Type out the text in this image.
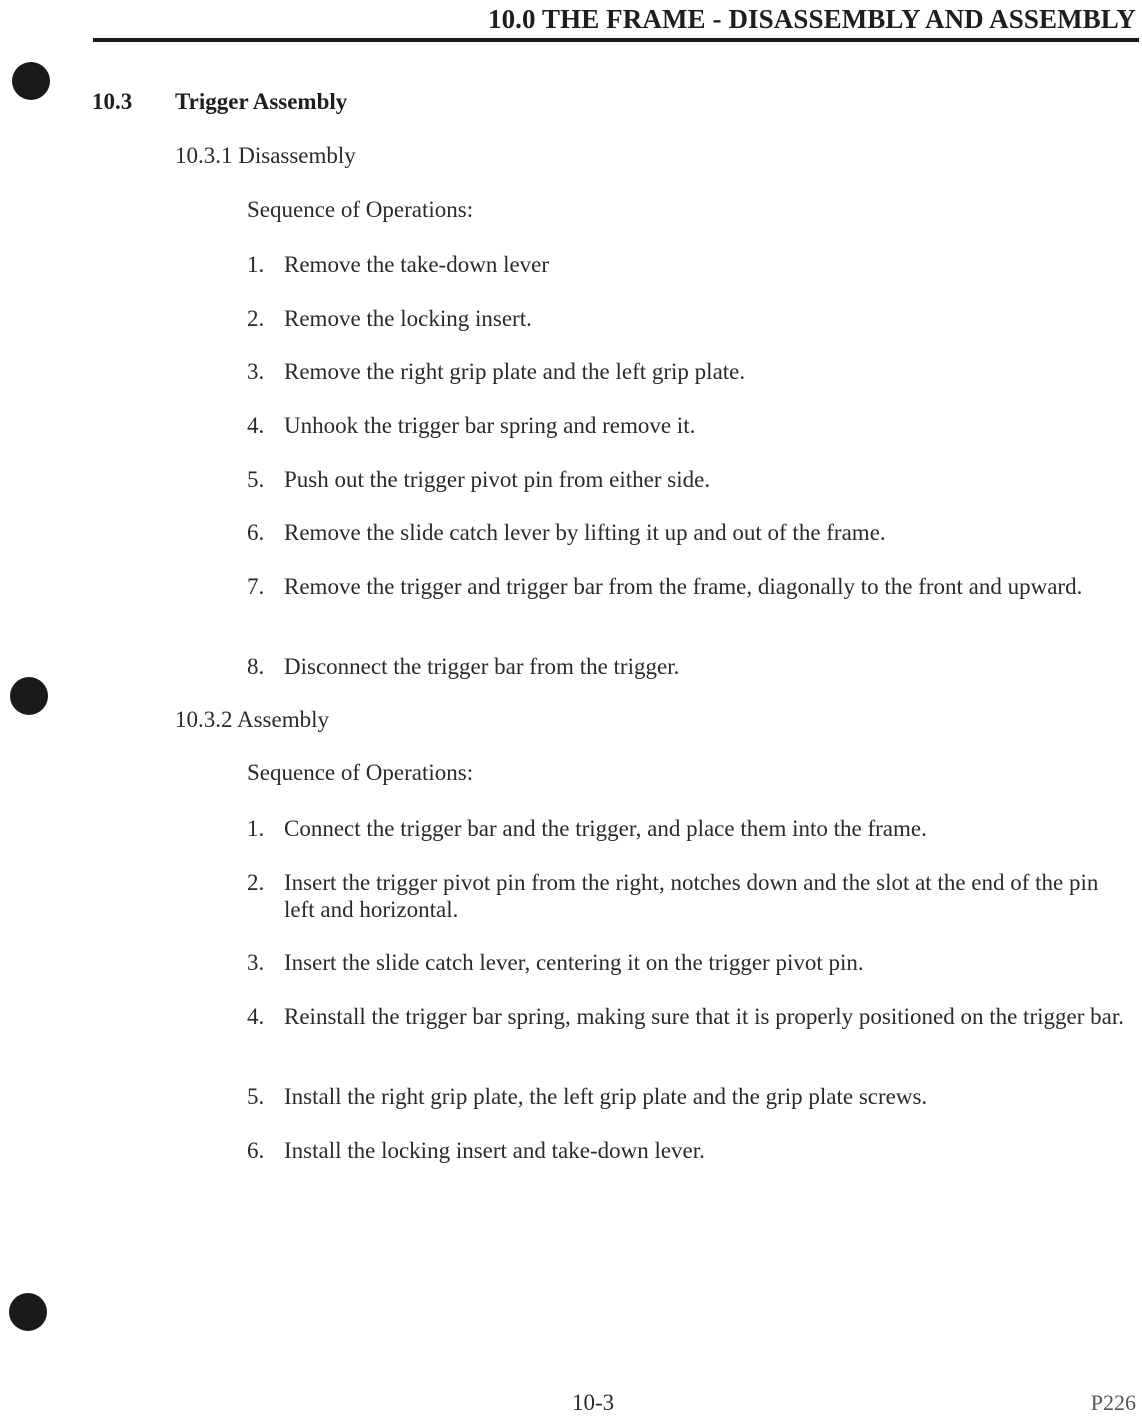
10.0 THE FRAME - DISASSEMBLY AND ASSEMBLY
10.3 Trigger Assembly
10.3.1 Disassembly
Sequence of Operations:
1. Remove the take-down lever
2. Remove the locking insert.
3. Remove the right grip plate and the left grip plate.
4. Unhook the trigger bar spring and remove it.
5. Push out the trigger pivot pin from either side.
6. Remove the slide catch lever by lifting it up and out of the frame.
7. Remove the trigger and trigger bar from the frame, diagonally to the front and upward.
8. Disconnect the trigger bar from the trigger.
10.3.2 Assembly
Sequence of Operations:
1. Connect the trigger bar and the trigger, and place them into the frame.
2. Insert the trigger pivot pin from the right, notches down and the slot at the end of the pin left and horizontal.
3. Insert the slide catch lever, centering it on the trigger pivot pin.
4. Reinstall the trigger bar spring, making sure that it is properly positioned on the trigger bar.
5. Install the right grip plate, the left grip plate and the grip plate screws.
6. Install the locking insert and take-down lever.
10-3	P226
